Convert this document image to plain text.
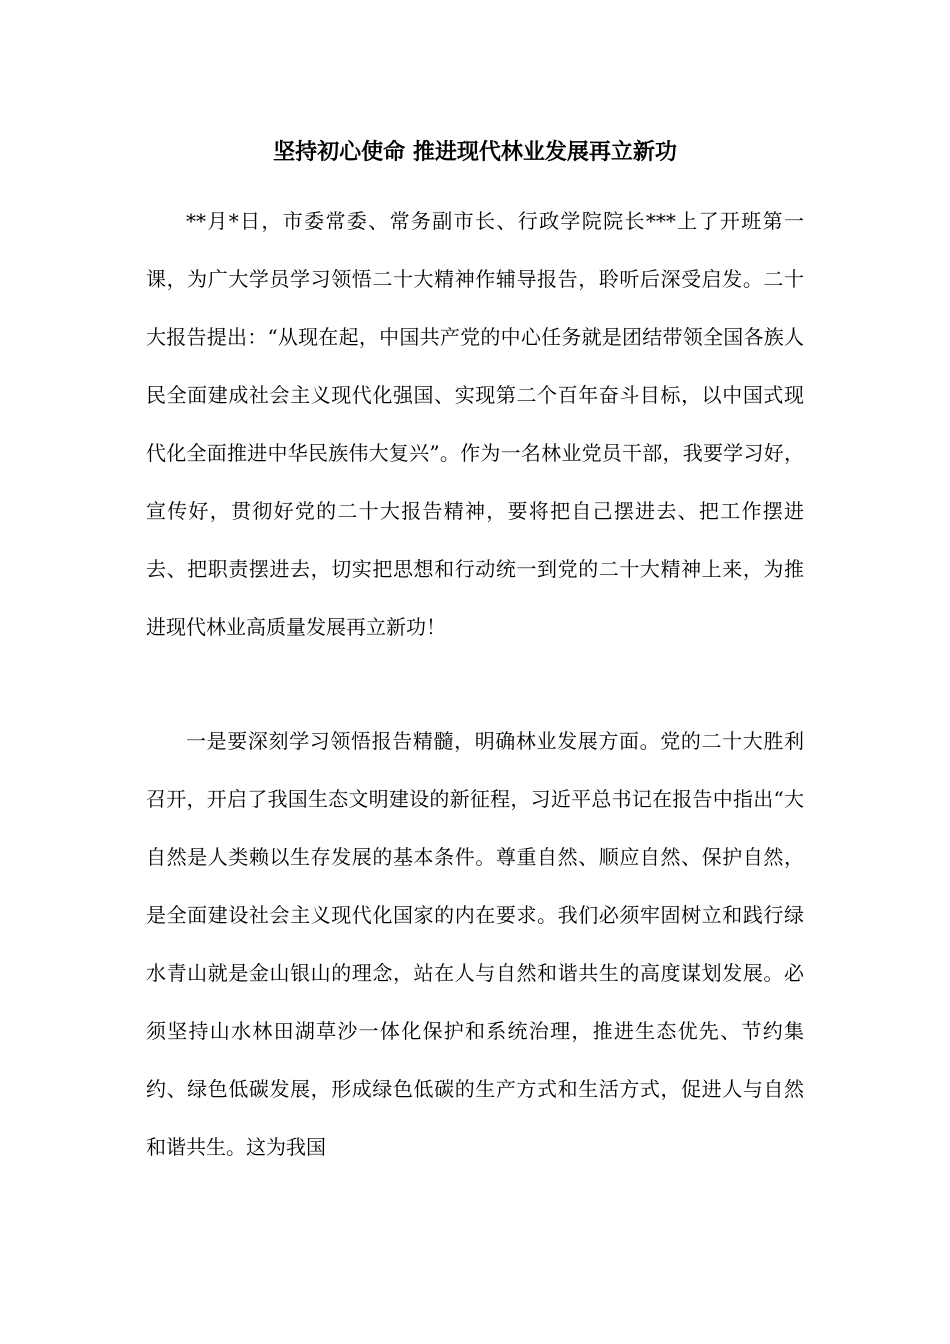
坚持初心使命 推进现代林业发展再立新功

**月*日，市委常委、常务副市长、行政学院院长***上了开班第一课，为广大学员学习领悟二十大精神作辅导报告，聆听后深受启发。二十大报告提出：“从现在起，中国共产党的中心任务就是团结带领全国各族人民全面建成社会主义现代化强国、实现第二个百年奋斗目标，以中国式现代化全面推进中华民族伟大复兴”。作为一名林业党员干部，我要学习好，宣传好，贯彻好党的二十大报告精神，要将把自己摆进去、把工作摆进去、把职责摆进去，切实把思想和行动统一到党的二十大精神上来，为推进现代林业高质量发展再立新功！

一是要深刻学习领悟报告精髓，明确林业发展方面。党的二十大胜利召开，开启了我国生态文明建设的新征程，习近平总书记在报告中指出“大自然是人类赖以生存发展的基本条件。尊重自然、顺应自然、保护自然，是全面建设社会主义现代化国家的内在要求。我们必须牢固树立和践行绿水青山就是金山银山的理念，站在人与自然和谐共生的高度谋划发展。必须坚持山水林田湖草沙一体化保护和系统治理，推进生态优先、节约集约、绿色低碳发展，形成绿色低碳的生产方式和生活方式，促进人与自然和谐共生。这为我国
